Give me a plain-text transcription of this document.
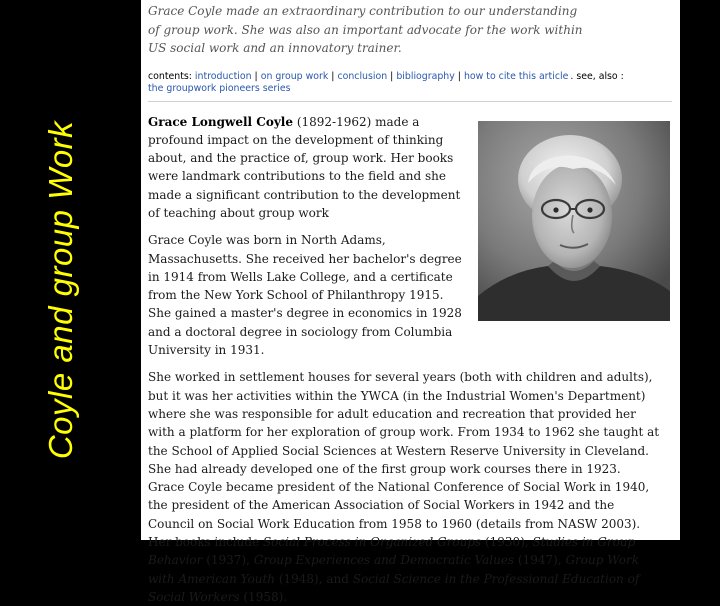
Coyle and group Work

Grace Coyle made an extraordinary contribution to our understanding of group work. She was also an important advocate for the work within US social work and an innovatory trainer.

contents: introduction | on group work | conclusion | bibliography | how to cite this article . see, also :
the groupwork pioneers series

Grace Longwell Coyle (1892-1962) made a profound impact on the development of thinking about, and the practice of, group work. Her books were landmark contributions to the field and she made a significant contribution to the development of teaching about group work

Grace Coyle was born in North Adams, Massachusetts. She received her bachelor's degree in 1914 from Wells Lake College, and a certificate from the New York School of Philanthropy 1915. She gained a master's degree in economics in 1928 and a doctoral degree in sociology from Columbia University in 1931.

She worked in settlement houses for several years (both with children and adults), but it was her activities within the YWCA (in the Industrial Women's Department) where she was responsible for adult education and recreation that provided her with a platform for her exploration of group work. From 1934 to 1962 she taught at the School of Applied Social Sciences at Western Reserve University in Cleveland. She had already developed one of the first group work courses there in 1923. Grace Coyle became president of the National Conference of Social Work in 1940, the president of the American Association of Social Workers in 1942 and the Council on Social Work Education from 1958 to 1960 (details from NASW 2003). Her books include Social Process in Organized Groups (1930), Studies in Group Behavior (1937), Group Experiences and Democratic Values (1947), Group Work with American Youth (1948), and Social Science in the Professional Education of Social Workers (1958).
